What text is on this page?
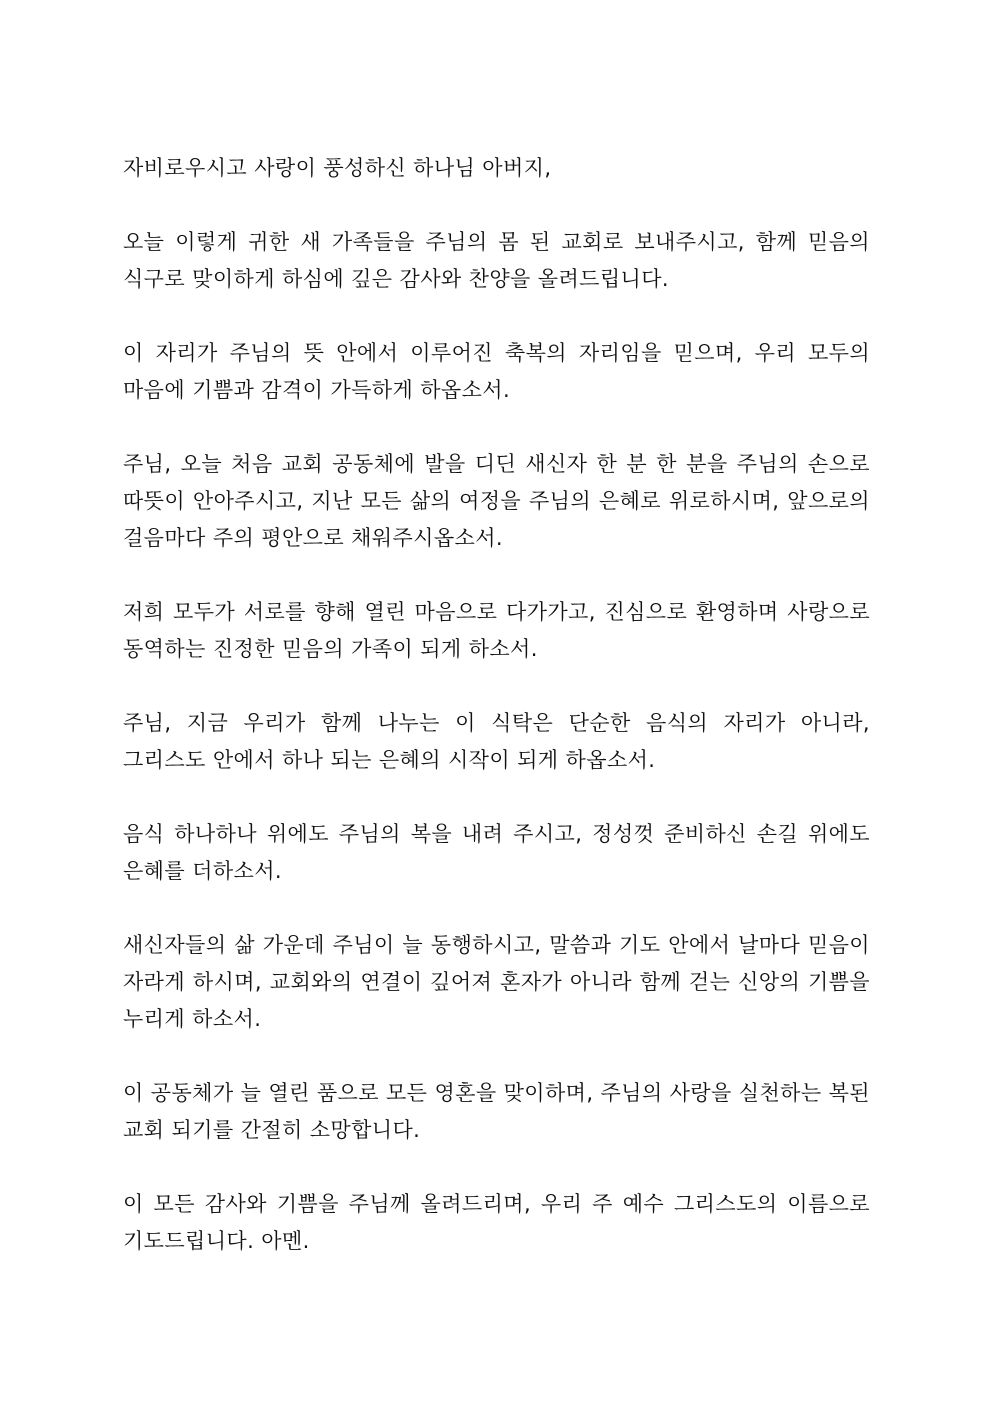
자비로우시고 사랑이 풍성하신 하나님 아버지,

오늘 이렇게 귀한 새 가족들을 주님의 몸 된 교회로 보내주시고, 함께 믿음의 식구로 맞이하게 하심에 깊은 감사와 찬양을 올려드립니다.

이 자리가 주님의 뜻 안에서 이루어진 축복의 자리임을 믿으며, 우리 모두의 마음에 기쁨과 감격이 가득하게 하옵소서.

주님, 오늘 처음 교회 공동체에 발을 디딘 새신자 한 분 한 분을 주님의 손으로 따뜻이 안아주시고, 지난 모든 삶의 여정을 주님의 은혜로 위로하시며, 앞으로의 걸음마다 주의 평안으로 채워주시옵소서.

저희 모두가 서로를 향해 열린 마음으로 다가가고, 진심으로 환영하며 사랑으로 동역하는 진정한 믿음의 가족이 되게 하소서.

주님, 지금 우리가 함께 나누는 이 식탁은 단순한 음식의 자리가 아니라, 그리스도 안에서 하나 되는 은혜의 시작이 되게 하옵소서.

음식 하나하나 위에도 주님의 복을 내려 주시고, 정성껏 준비하신 손길 위에도 은혜를 더하소서.

새신자들의 삶 가운데 주님이 늘 동행하시고, 말씀과 기도 안에서 날마다 믿음이 자라게 하시며, 교회와의 연결이 깊어져 혼자가 아니라 함께 걷는 신앙의 기쁨을 누리게 하소서.

이 공동체가 늘 열린 품으로 모든 영혼을 맞이하며, 주님의 사랑을 실천하는 복된 교회 되기를 간절히 소망합니다.

이 모든 감사와 기쁨을 주님께 올려드리며, 우리 주 예수 그리스도의 이름으로 기도드립니다. 아멘.
